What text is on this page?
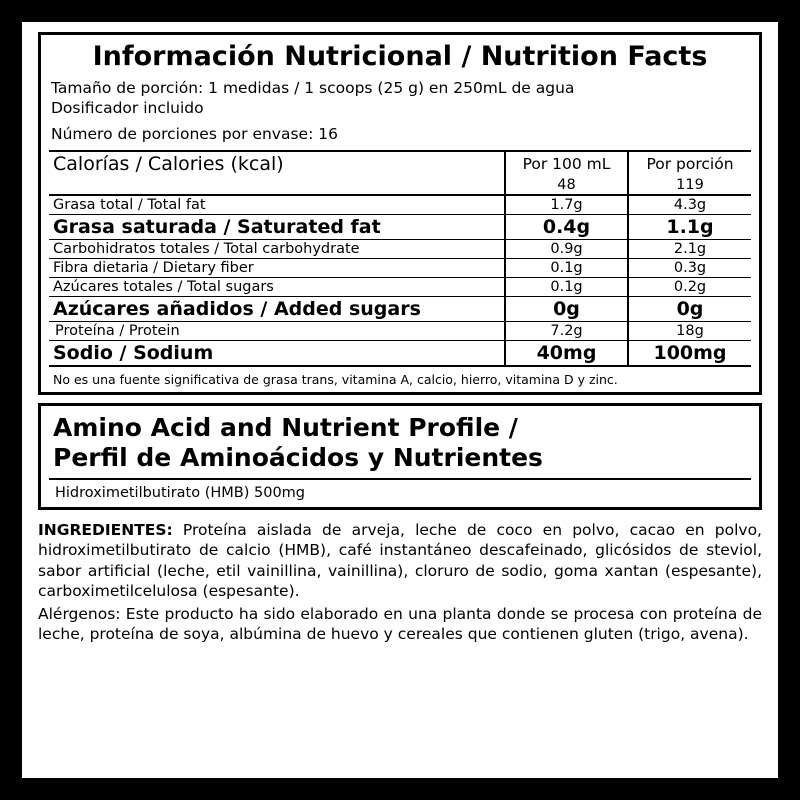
Información Nutricional / Nutrition Facts
Tamaño de porción: 1 medidas / 1 scoops (25 g) en 250mL de agua
Dosificador incluido
Número de porciones por envase: 16
Calorías / Calories (kcal)	Por 100 mL	Por porción
	48	119
Grasa total / Total fat	1.7g	4.3g
Grasa saturada / Saturated fat	0.4g	1.1g
Carbohidratos totales / Total carbohydrate	0.9g	2.1g
Fibra dietaria / Dietary fiber	0.1g	0.3g
Azúcares totales / Total sugars	0.1g	0.2g
Azúcares añadidos / Added sugars	0g	0g
Proteína / Protein	7.2g	18g
Sodio / Sodium	40mg	100mg
No es una fuente significativa de grasa trans, vitamina A, calcio, hierro, vitamina D y zinc.
Amino Acid and Nutrient Profile /
Perfil de Aminoácidos y Nutrientes
Hidroximetilbutirato (HMB) 500mg

INGREDIENTES: Proteína aislada de arveja, leche de coco en polvo, cacao en polvo, hidroximetilbutirato de calcio (HMB), café instantáneo descafeinado, glicósidos de steviol, sabor artificial (leche, etil vainillina, vainillina), cloruro de sodio, goma xantan (espesante), carboximetilcelulosa (espesante).

Alérgenos: Este producto ha sido elaborado en una planta donde se procesa con proteína de leche, proteína de soya, albúmina de huevo y cereales que contienen gluten (trigo, avena).
